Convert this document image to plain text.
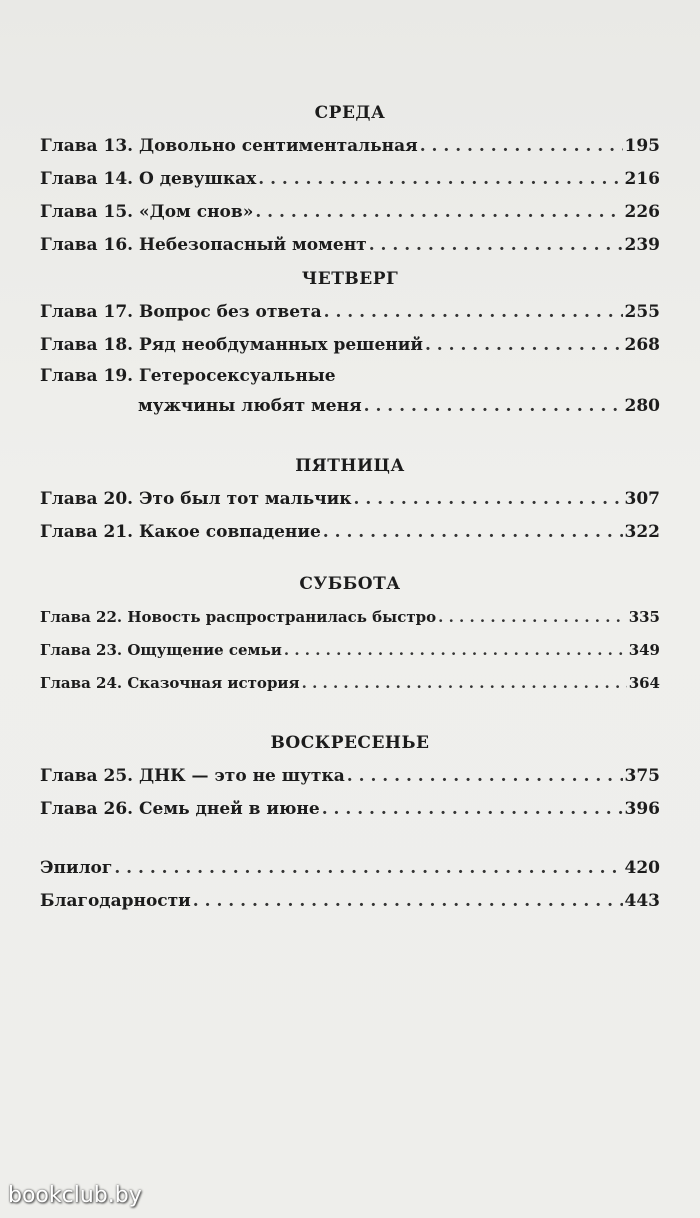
СРЕДА
Глава 13. Довольно сентиментальная . . .	195
Глава 14. О девушках . . .	216
Глава 15. «Дом снов» . . .	226
Глава 16. Небезопасный момент . . .	239
ЧЕТВЕРГ
Глава 17. Вопрос без ответа . . .	255
Глава 18. Ряд необдуманных решений . . .	268
Глава 19. Гетеросексуальные
мужчины любят меня . . .	280
ПЯТНИЦА
Глава 20. Это был тот мальчик . . .	307
Глава 21. Какое совпадение . . .	322
СУББОТА
Глава 22. Новость распространилась быстро . . .	335
Глава 23. Ощущение семьи . . .	349
Глава 24. Сказочная история . . .	364
ВОСКРЕСЕНЬЕ
Глава 25. ДНК — это не шутка . . .	375
Глава 26. Семь дней в июне . . .	396
Эпилог . . .	420
Благодарности . . .	443
bookclub.by
